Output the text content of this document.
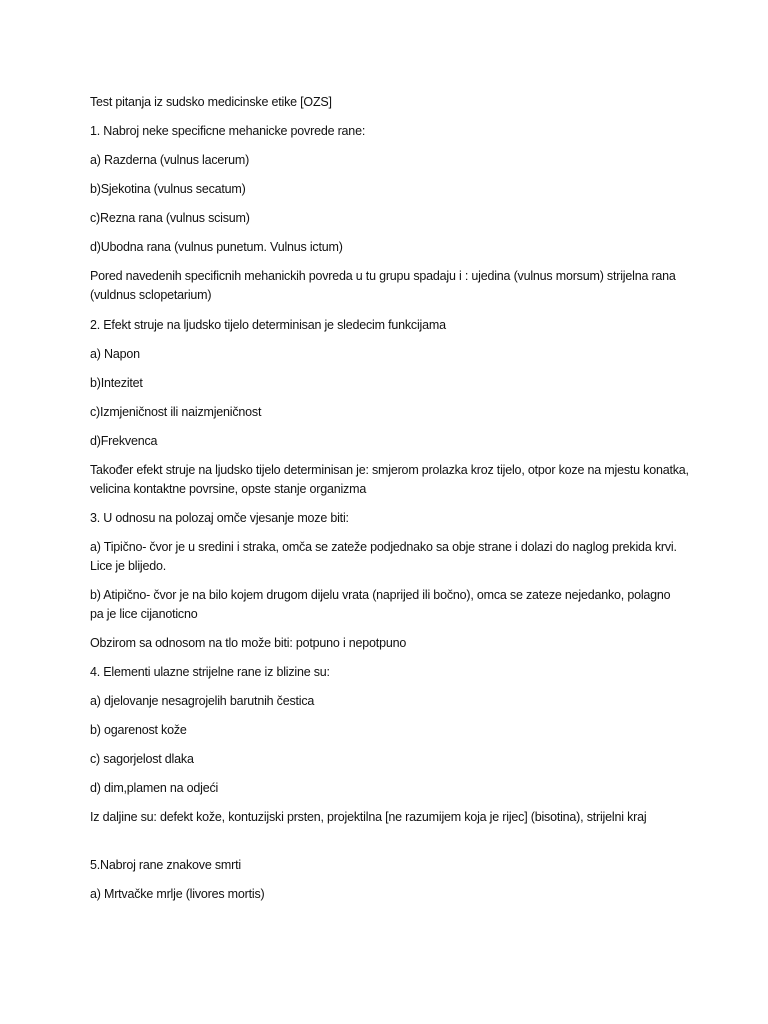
Test pitanja iz sudsko medicinske etike [OZS]

1. Nabroj neke specificne mehanicke povrede rane:

a) Razderna (vulnus lacerum)

b)Sjekotina (vulnus secatum)

c)Rezna rana (vulnus scisum)

d)Ubodna rana (vulnus punetum. Vulnus ictum)

Pored navedenih specificnih mehanickih povreda u tu grupu spadaju i : ujedina (vulnus morsum) strijelna rana (vuldnus sclopetarium)

2. Efekt struje na ljudsko tijelo determinisan je sledecim funkcijama

a) Napon

b)Intezitet

c)Izmjeničnost ili naizmjeničnost

d)Frekvenca

Također efekt struje na ljudsko tijelo determinisan je: smjerom prolazka kroz tijelo, otpor koze na mjestu konatka, velicina kontaktne povrsine, opste stanje organizma

3. U odnosu na polozaj omče vjesanje moze biti:

a) Tipično- čvor je u sredini i straka, omča se zateže podjednako sa obje strane i dolazi do naglog prekida krvi. Lice je blijedo.

b) Atipično- čvor je na bilo kojem drugom dijelu vrata (naprijed ili bočno), omca se zateze nejedanko, polagno pa je lice cijanoticno

Obzirom sa odnosom na tlo može biti: potpuno i nepotpuno

4. Elementi ulazne strijelne rane iz blizine su:

a) djelovanje nesagrojelih barutnih čestica

b) ogarenost kože

c) sagorjelost dlaka

d) dim,plamen na odjeći

Iz daljine su: defekt kože, kontuzijski prsten, projektilna [ne razumijem koja je rijec] (bisotina), strijelni kraj

5.Nabroj rane znakove smrti

a) Mrtvačke mrlje (livores mortis)
